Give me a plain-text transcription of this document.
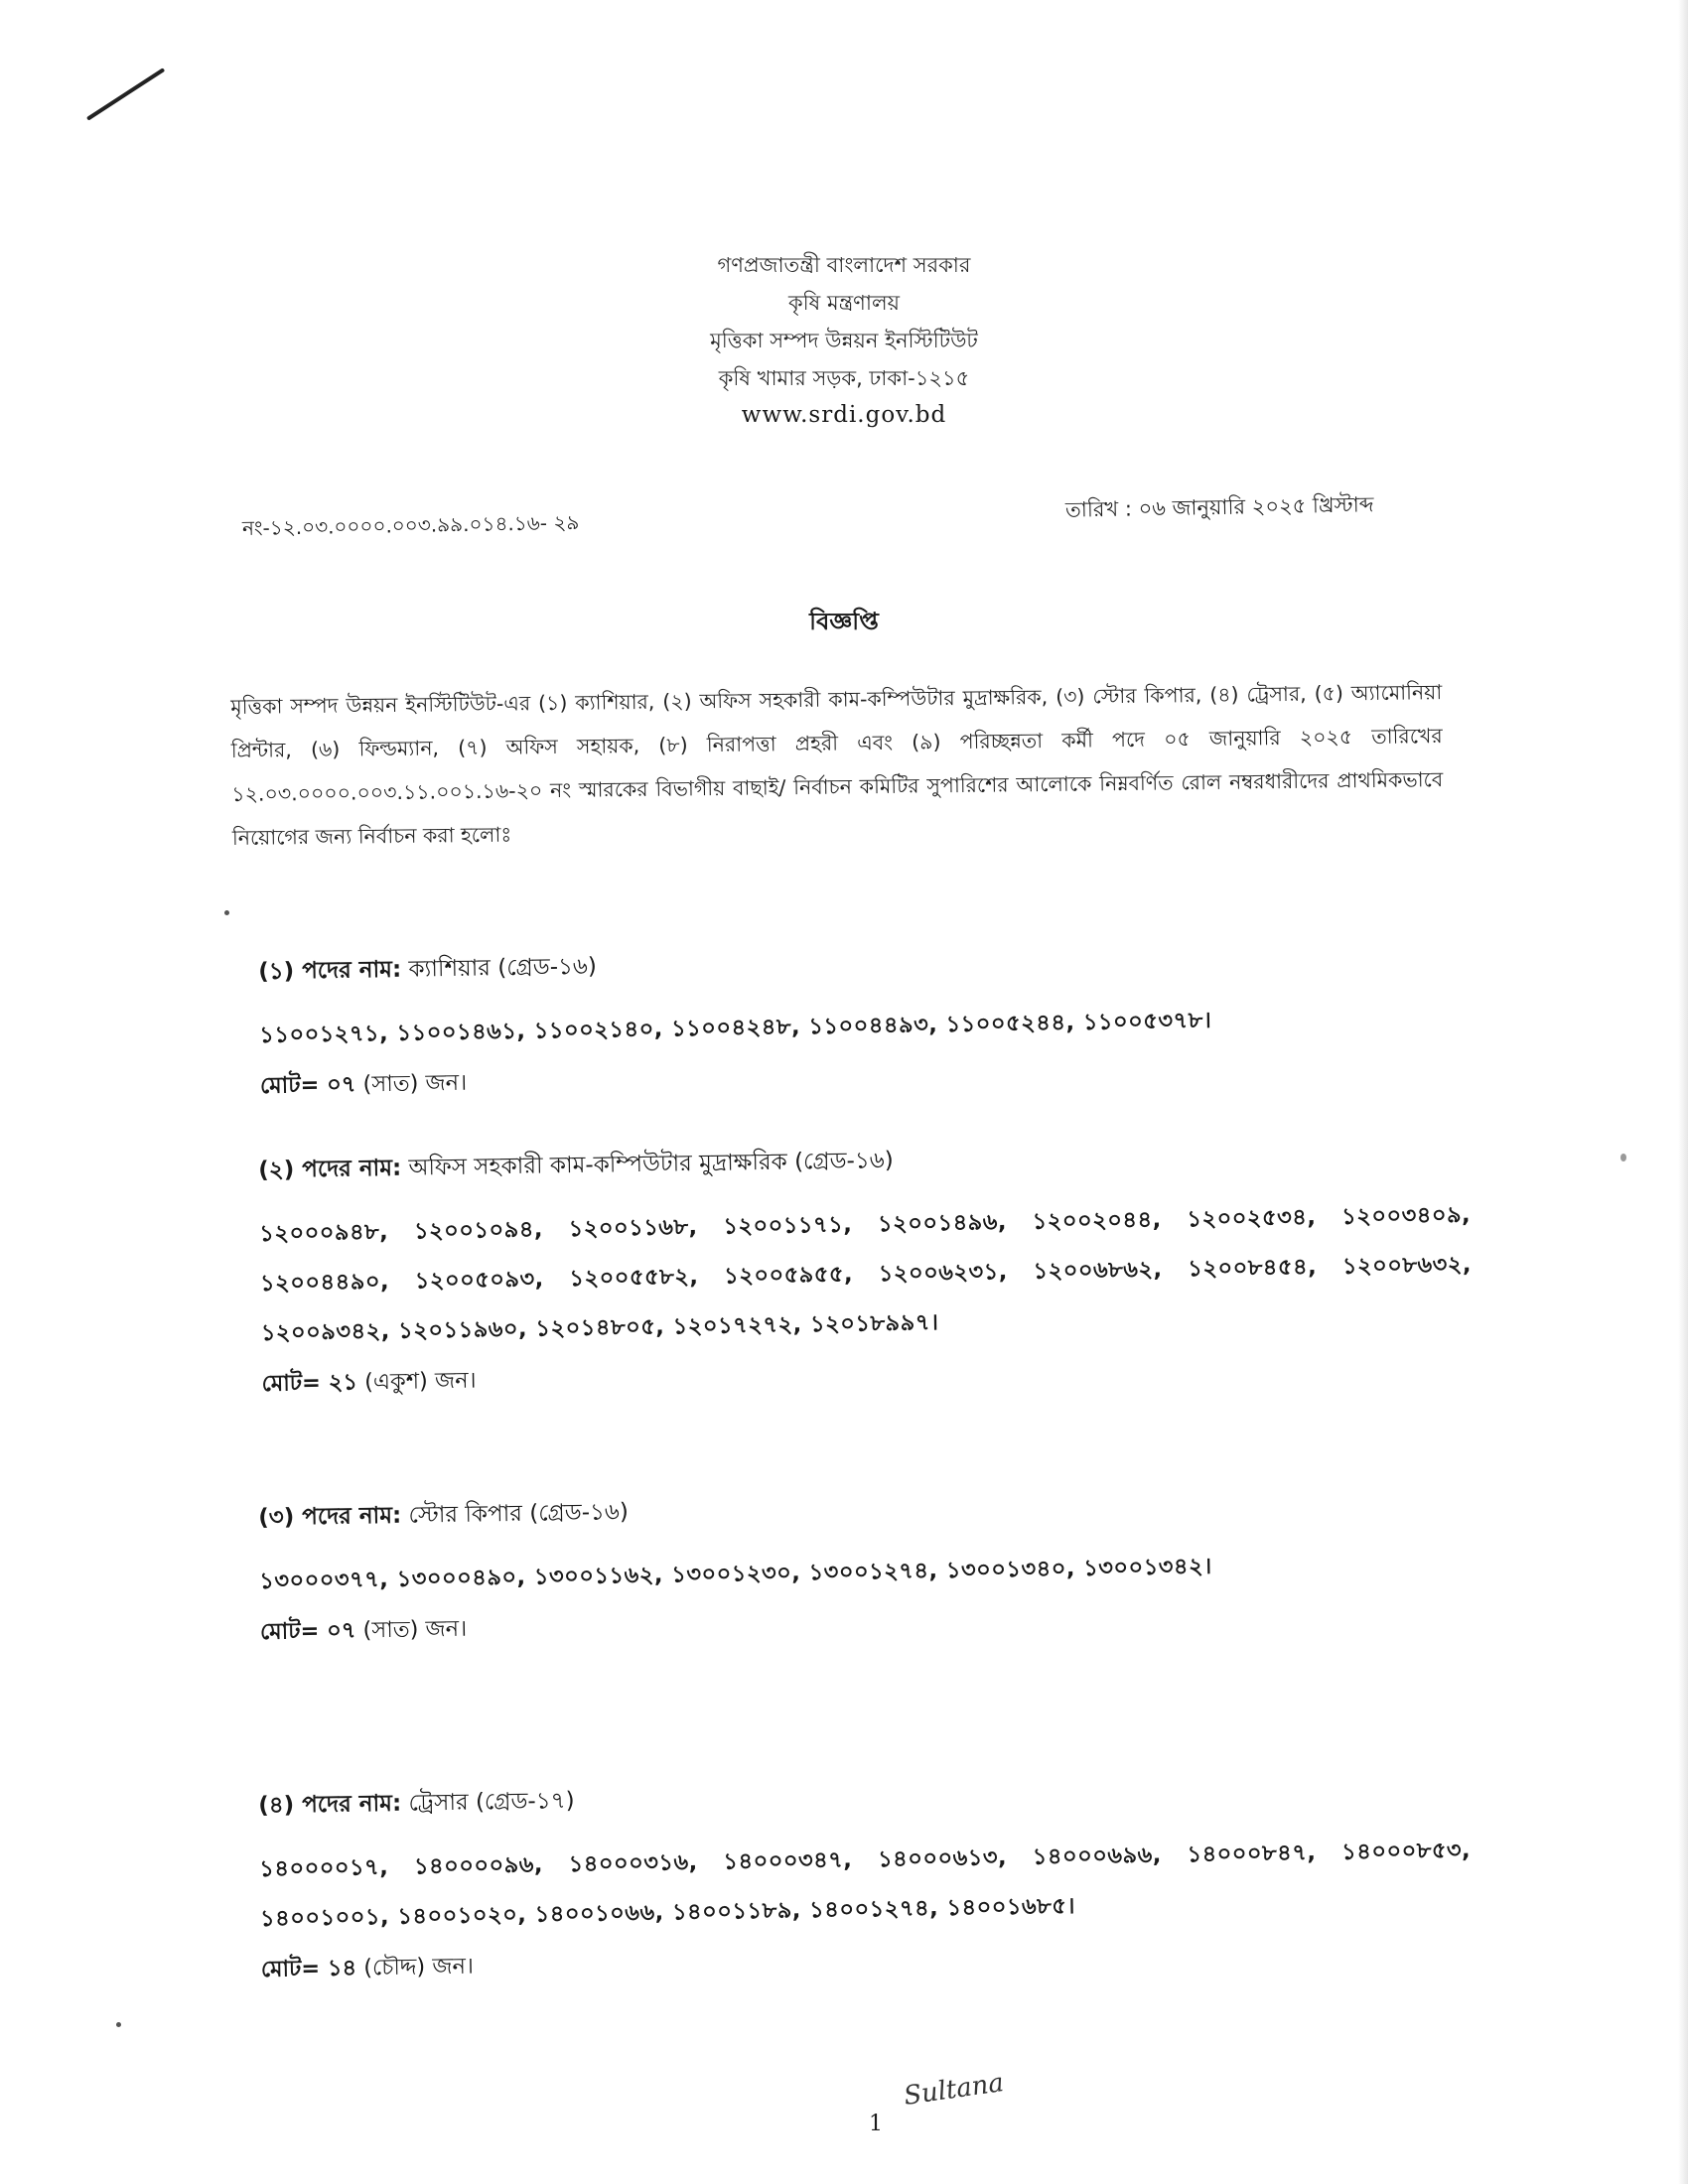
গণপ্রজাতন্ত্রী বাংলাদেশ সরকার
কৃষি মন্ত্রণালয়
মৃত্তিকা সম্পদ উন্নয়ন ইনস্টিটিউট
কৃষি খামার সড়ক, ঢাকা-১২১৫
www.srdi.gov.bd
নং-১২.০৩.০০০০.০০৩.৯৯.০১৪.১৬- ২৯
তারিখ : ০৬ জানুয়ারি ২০২৫ খ্রিস্টাব্দ
বিজ্ঞপ্তি
মৃত্তিকা সম্পদ উন্নয়ন ইনস্টিটিউট-এর (১) ক্যাশিয়ার, (২) অফিস সহকারী কাম-কম্পিউটার মুদ্রাক্ষরিক, (৩) স্টোর কিপার, (৪) ট্রেসার, (৫) অ্যামোনিয়া প্রিন্টার, (৬) ফিল্ডম্যান, (৭) অফিস সহায়ক, (৮) নিরাপত্তা প্রহরী এবং (৯) পরিচ্ছন্নতা কর্মী পদে ০৫ জানুয়ারি ২০২৫ তারিখের ১২.০৩.০০০০.০০৩.১১.০০১.১৬-২০ নং স্মারকের বিভাগীয় বাছাই/ নির্বাচন কমিটির সুপারিশের আলোকে নিম্নবর্ণিত রোল নম্বরধারীদের প্রাথমিকভাবে নিয়োগের জন্য নির্বাচন করা হলোঃ
(১) পদের নাম: ক্যাশিয়ার (গ্রেড-১৬)
১১০০১২৭১, ১১০০১৪৬১, ১১০০২১৪০, ১১০০৪২৪৮, ১১০০৪৪৯৩, ১১০০৫২৪৪, ১১০০৫৩৭৮।
মোট= ০৭ (সাত) জন।
(২) পদের নাম: অফিস সহকারী কাম-কম্পিউটার মুদ্রাক্ষরিক (গ্রেড-১৬)
১২০০০৯৪৮, ১২০০১০৯৪, ১২০০১১৬৮, ১২০০১১৭১, ১২০০১৪৯৬, ১২০০২০৪৪, ১২০০২৫৩৪, ১২০০৩৪০৯, ১২০০৪৪৯০, ১২০০৫০৯৩, ১২০০৫৫৮২, ১২০০৫৯৫৫, ১২০০৬২৩১, ১২০০৬৮৬২, ১২০০৮৪৫৪, ১২০০৮৬৩২, ১২০০৯৩৪২, ১২০১১৯৬০, ১২০১৪৮০৫, ১২০১৭২৭২, ১২০১৮৯৯৭।
মোট= ২১ (একুশ) জন।
(৩) পদের নাম: স্টোর কিপার (গ্রেড-১৬)
১৩০০০৩৭৭, ১৩০০০৪৯০, ১৩০০১১৬২, ১৩০০১২৩০, ১৩০০১২৭৪, ১৩০০১৩৪০, ১৩০০১৩৪২।
মোট= ০৭ (সাত) জন।
(৪) পদের নাম: ট্রেসার (গ্রেড-১৭)
১৪০০০০১৭, ১৪০০০০৯৬, ১৪০০০৩১৬, ১৪০০০৩৪৭, ১৪০০০৬১৩, ১৪০০০৬৯৬, ১৪০০০৮৪৭, ১৪০০০৮৫৩, ১৪০০১০০১, ১৪০০১০২০, ১৪০০১০৬৬, ১৪০০১১৮৯, ১৪০০১২৭৪, ১৪০০১৬৮৫।
মোট= ১৪ (চৌদ্দ) জন।
1
Sultana
